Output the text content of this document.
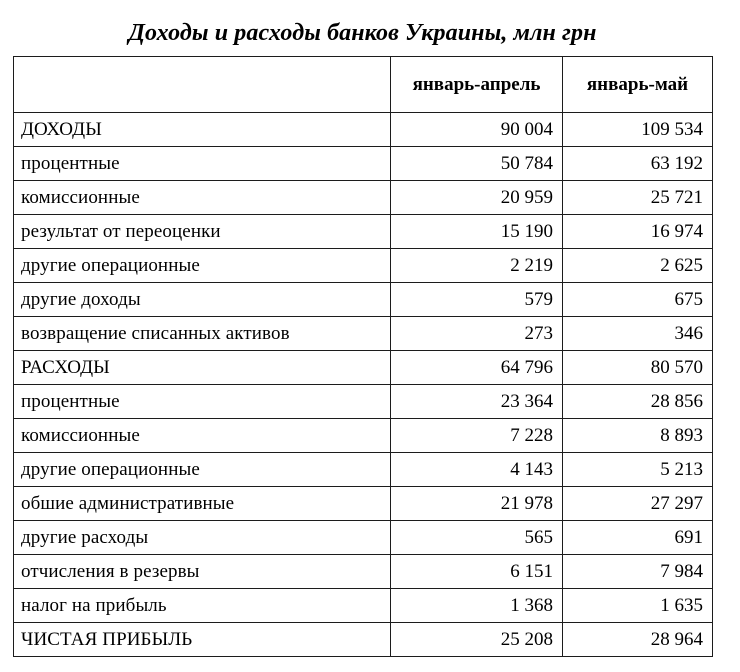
Доходы и расходы банков Украины, млн грн
	январь-апрель	январь-май
ДОХОДЫ	90 004	109 534
процентные	50 784	63 192
комиссионные	20 959	25 721
результат от переоценки	15 190	16 974
другие операционные	2 219	2 625
другие доходы	579	675
возвращение списанных активов	273	346
РАСХОДЫ	64 796	80 570
процентные	23 364	28 856
комиссионные	7 228	8 893
другие операционные	4 143	5 213
обшие административные	21 978	27 297
другие расходы	565	691
отчисления в резервы	6 151	7 984
налог на прибыль	1 368	1 635
ЧИСТАЯ ПРИБЫЛЬ	25 208	28 964
